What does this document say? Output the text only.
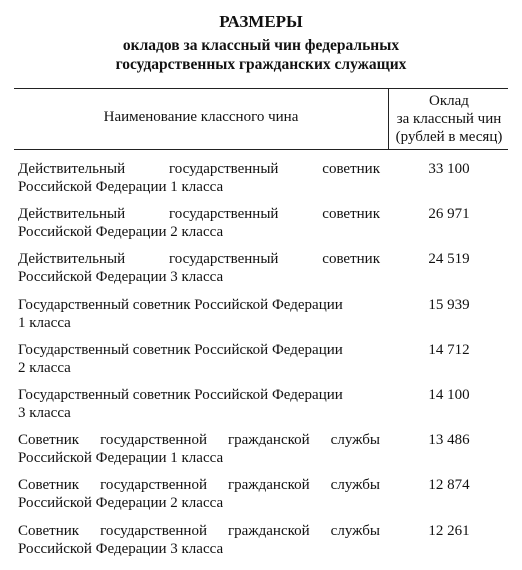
РАЗМЕРЫ
окладов за классный чин федеральных
государственных гражданских служащих
Наименование классного чина
Оклад
за классный чин
(рублей в месяц)
Действительный	государственный	советник
Российской Федерации 1 класса
33 100
Действительный	государственный	советник
Российской Федерации 2 класса
26 971
Действительный	государственный	советник
Российской Федерации 3 класса
24 519
Государственный советник Российской Федерации
1 класса
15 939
Государственный советник Российской Федерации
2 класса
14 712
Государственный советник Российской Федерации
3 класса
14 100
Советник государственной гражданской службы
Российской Федерации 1 класса
13 486
Советник государственной гражданской службы
Российской Федерации 2 класса
12 874
Советник государственной гражданской службы
Российской Федерации 3 класса
12 261
